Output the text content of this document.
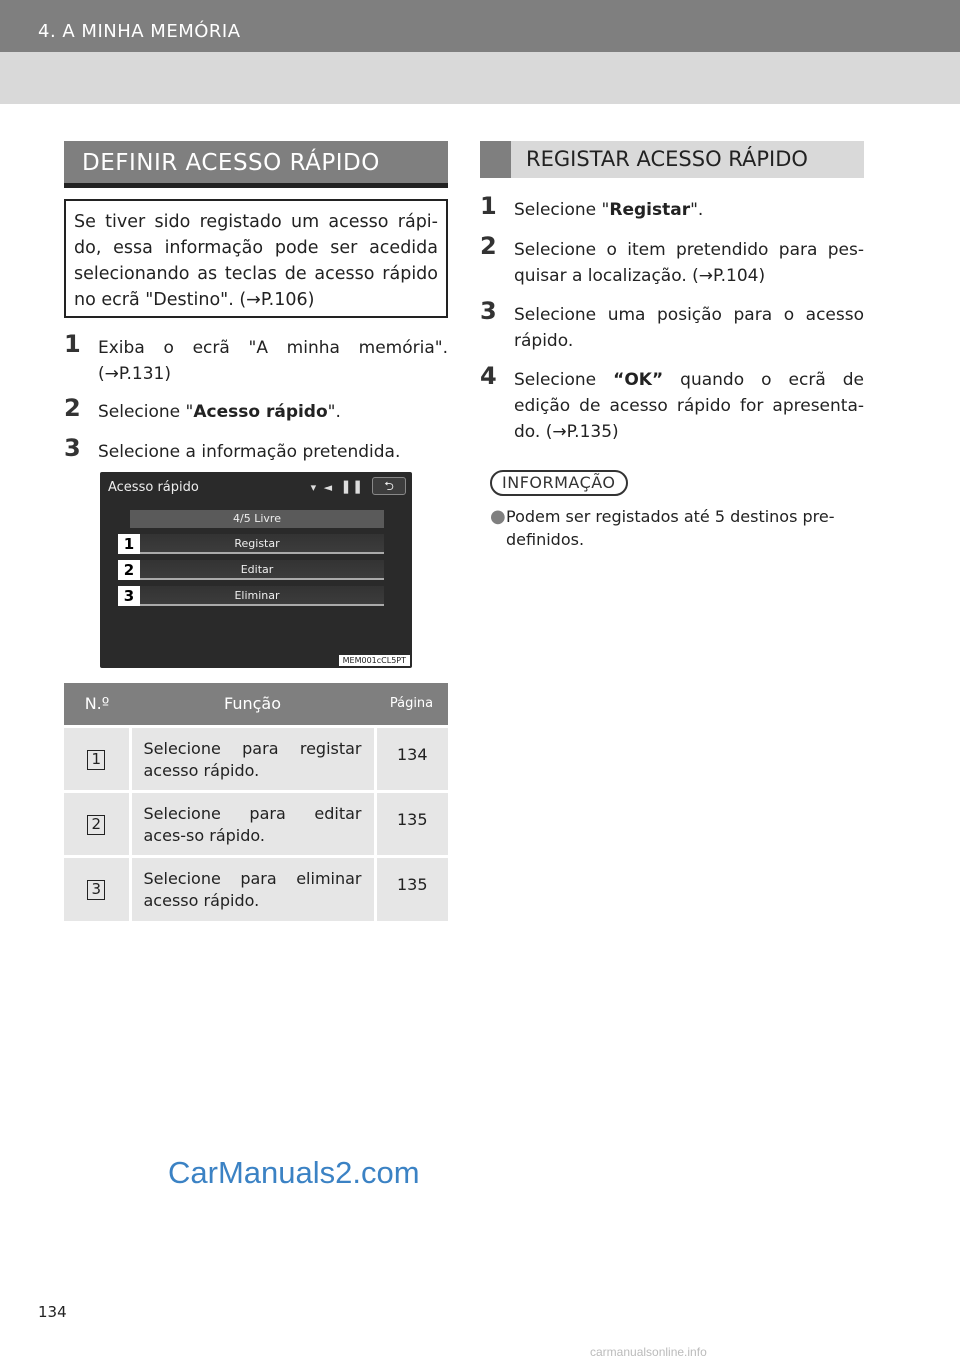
4. A MINHA MEMÓRIA
DEFINIR ACESSO RÁPIDO
Se tiver sido registado um acesso rápi-do, essa informação pode ser acedida selecionando as teclas de acesso rápido no ecrã "Destino". (→P.106)
1	Exiba o ecrã "A minha memória". (→P.131)
2	Selecione "Acesso rápido".
3	Selecione a informação pretendida.
Acesso rápido	▾ ◄ ▐ ▌	⮌
4/5 Livre
Registar
Editar
Eliminar
1
2
3
MEM001cCL5PT
N.º	Função	Página
1	Selecione para registar acesso rápido.	134
2	Selecione para editar aces-so rápido.	135
3	Selecione para eliminar acesso rápido.	135
REGISTAR ACESSO RÁPIDO
1	Selecione "Registar".
2	Selecione o item pretendido para pes-quisar a localização. (→P.104)
3	Selecione uma posição para o acesso rápido.
4	Selecione “OK” quando o ecrã de edição de acesso rápido for apresenta-do. (→P.135)
INFORMAÇÃO
● Podem ser registados até 5 destinos pre-definidos.
CarManuals2.com
134
carmanualsonline.info
